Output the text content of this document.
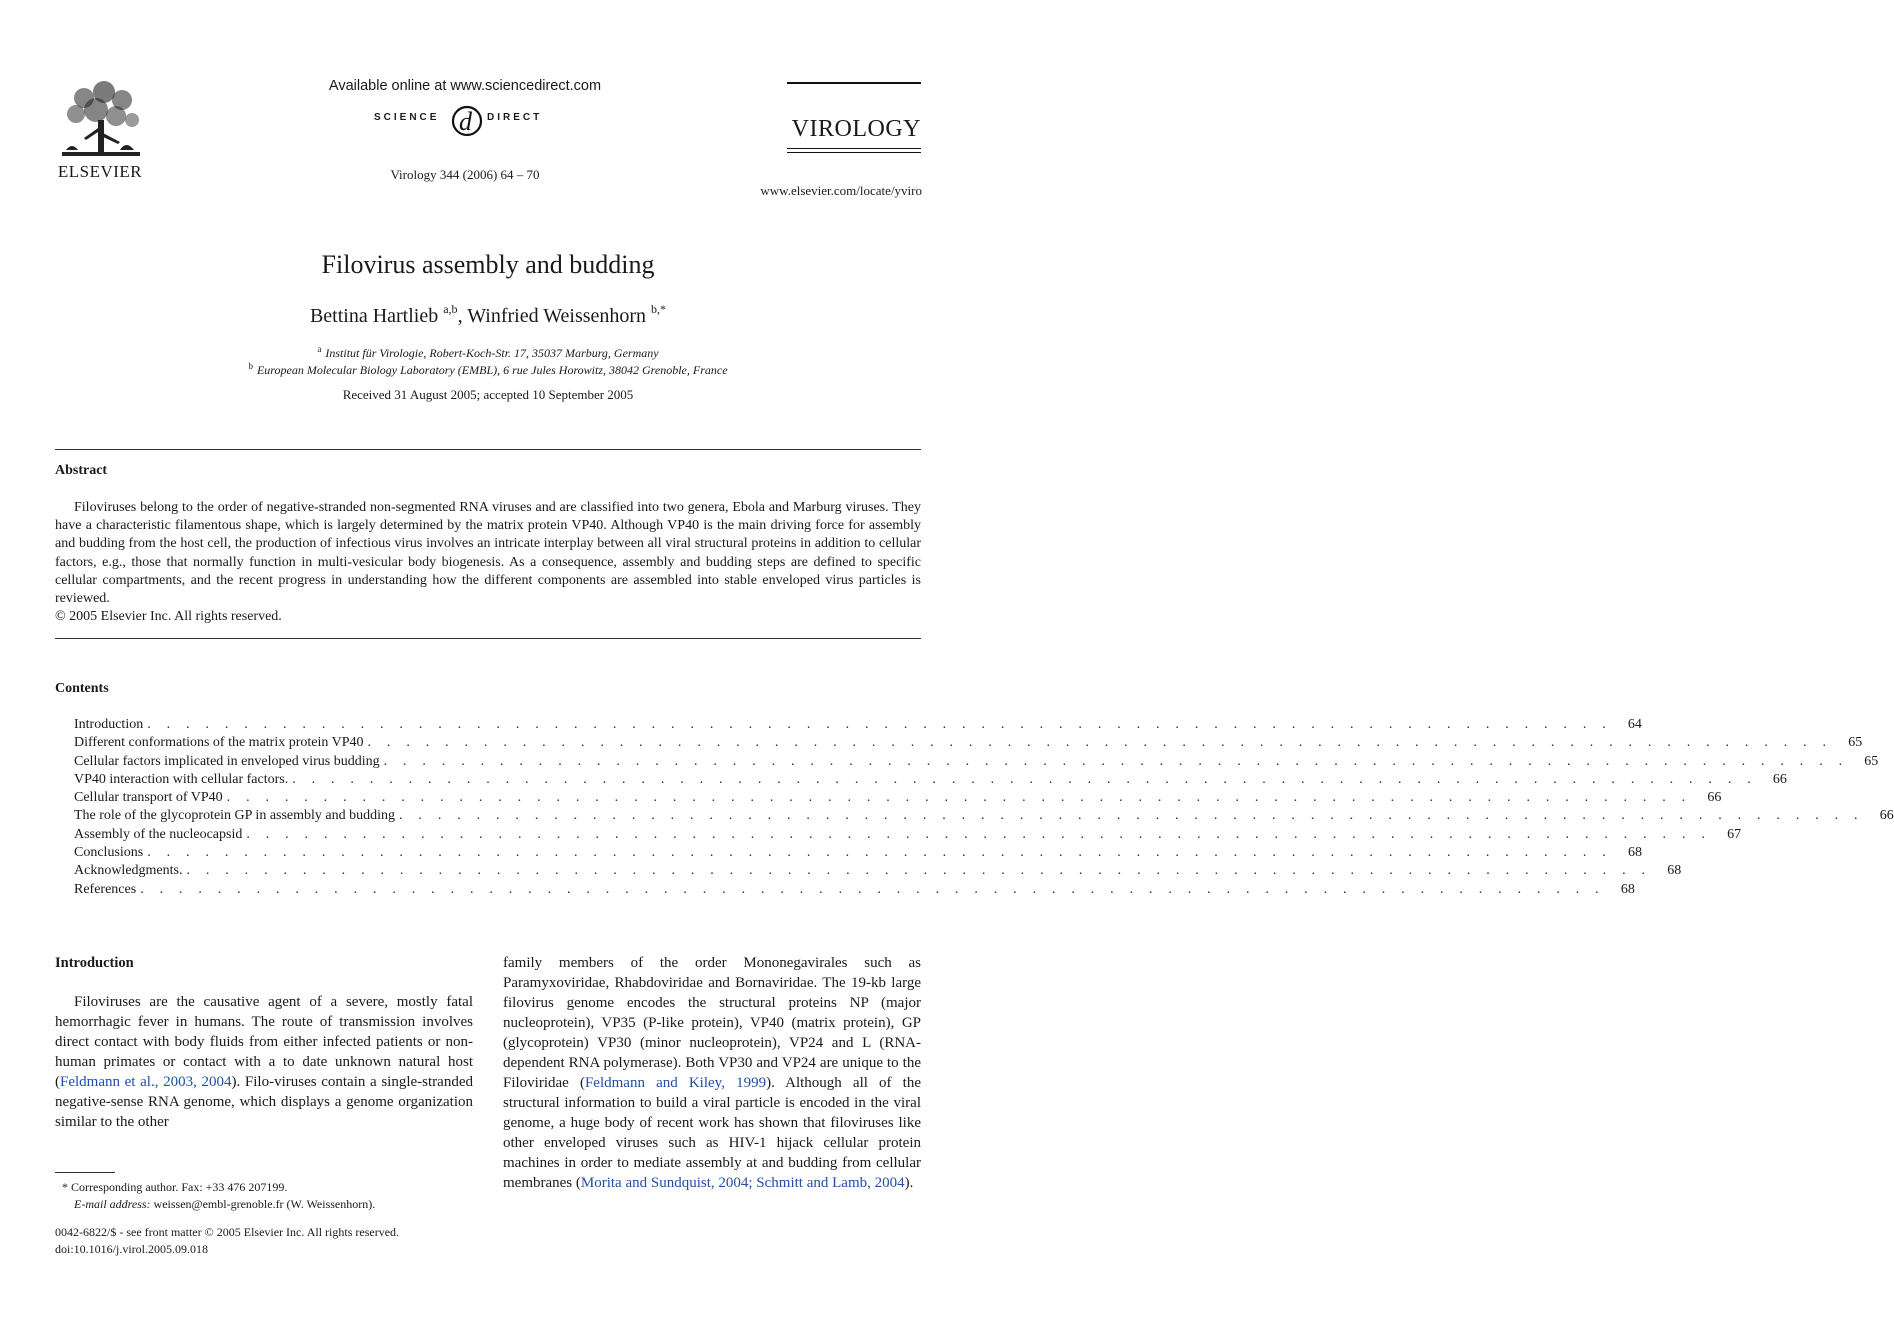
ELSEVIER
Available online at www.sciencedirect.com
SCIENCE d DIRECT
Virology 344 (2006) 64 – 70
VIROLOGY
www.elsevier.com/locate/yviro
Filovirus assembly and budding
Bettina Hartlieb $^{a,b}$, Winfried Weissenhorn $^{b,*}$
$^a$ Institut für Virologie, Robert-Koch-Str. 17, 35037 Marburg, Germany
$^b$ European Molecular Biology Laboratory (EMBL), 6 rue Jules Horowitz, 38042 Grenoble, France
Received 31 August 2005; accepted 10 September 2005
Abstract

Filoviruses belong to the order of negative-stranded non-segmented RNA viruses and are classified into two genera, Ebola and Marburg viruses. They have a characteristic filamentous shape, which is largely determined by the matrix protein VP40. Although VP40 is the main driving force for assembly and budding from the host cell, the production of infectious virus involves an intricate interplay between all viral structural proteins in addition to cellular factors, e.g., those that normally function in multi-vesicular body biogenesis. As a consequence, assembly and budding steps are defined to specific cellular compartments, and the recent progress in understanding how the different components are assembled into stable enveloped virus particles is reviewed.

© 2005 Elsevier Inc. All rights reserved.
Contents
Introduction . . . . . . . . . . . . . . . . . . . . . . . . . . . . . . . . . . . . . . . . . . . . . . . . . . . . . . . . . . . . . . . . . . . . . . . . . . . .	64
Different conformations of the matrix protein VP40 . . . . . . . . . . . . . . . . . . . . . . . . . . . . . . . . . . . . . . . . . . . . . . . . . . . . . . . . . . . . . . . . . . . . . . . . . . . .	65
Cellular factors implicated in enveloped virus budding . . . . . . . . . . . . . . . . . . . . . . . . . . . . . . . . . . . . . . . . . . . . . . . . . . . . . . . . . . . . . . . . . . . . . . . . . . . .	65
VP40 interaction with cellular factors. . . . . . . . . . . . . . . . . . . . . . . . . . . . . . . . . . . . . . . . . . . . . . . . . . . . . . . . . . . . . . . . . . . . . . . . . . . . .	66
Cellular transport of VP40 . . . . . . . . . . . . . . . . . . . . . . . . . . . . . . . . . . . . . . . . . . . . . . . . . . . . . . . . . . . . . . . . . . . . . . . . . . . .	66
The role of the glycoprotein GP in assembly and budding . . . . . . . . . . . . . . . . . . . . . . . . . . . . . . . . . . . . . . . . . . . . . . . . . . . . . . . . . . . . . . . . . . . . . . . . . . . .	66
Assembly of the nucleocapsid . . . . . . . . . . . . . . . . . . . . . . . . . . . . . . . . . . . . . . . . . . . . . . . . . . . . . . . . . . . . . . . . . . . . . . . . . . . .	67
Conclusions . . . . . . . . . . . . . . . . . . . . . . . . . . . . . . . . . . . . . . . . . . . . . . . . . . . . . . . . . . . . . . . . . . . . . . . . . . . .	68
Acknowledgments. . . . . . . . . . . . . . . . . . . . . . . . . . . . . . . . . . . . . . . . . . . . . . . . . . . . . . . . . . . . . . . . . . . . . . . . . . . . .	68
References . . . . . . . . . . . . . . . . . . . . . . . . . . . . . . . . . . . . . . . . . . . . . . . . . . . . . . . . . . . . . . . . . . . . . . . . . . . .	68
Introduction

Filoviruses are the causative agent of a severe, mostly fatal hemorrhagic fever in humans. The route of transmission involves direct contact with body fluids from either infected patients or non-human primates or contact with a to date unknown natural host (Feldmann et al., 2003, 2004). Filo-viruses contain a single-stranded negative-sense RNA genome, which displays a genome organization similar to the other

family members of the order Mononegavirales such as Paramyxoviridae, Rhabdoviridae and Bornaviridae. The 19-kb large filovirus genome encodes the structural proteins NP (major nucleoprotein), VP35 (P-like protein), VP40 (matrix protein), GP (glycoprotein) VP30 (minor nucleoprotein), VP24 and L (RNA-dependent RNA polymerase). Both VP30 and VP24 are unique to the Filoviridae (Feldmann and Kiley, 1999). Although all of the structural information to build a viral particle is encoded in the viral genome, a huge body of recent work has shown that filoviruses like other enveloped viruses such as HIV-1 hijack cellular protein machines in order to mediate assembly at and budding from cellular membranes (Morita and Sundquist, 2004; Schmitt and Lamb, 2004).

* Corresponding author. Fax: +33 476 207199.
E-mail address: weissen@embl-grenoble.fr (W. Weissenhorn).
0042-6822/$ - see front matter © 2005 Elsevier Inc. All rights reserved.
doi:10.1016/j.virol.2005.09.018
